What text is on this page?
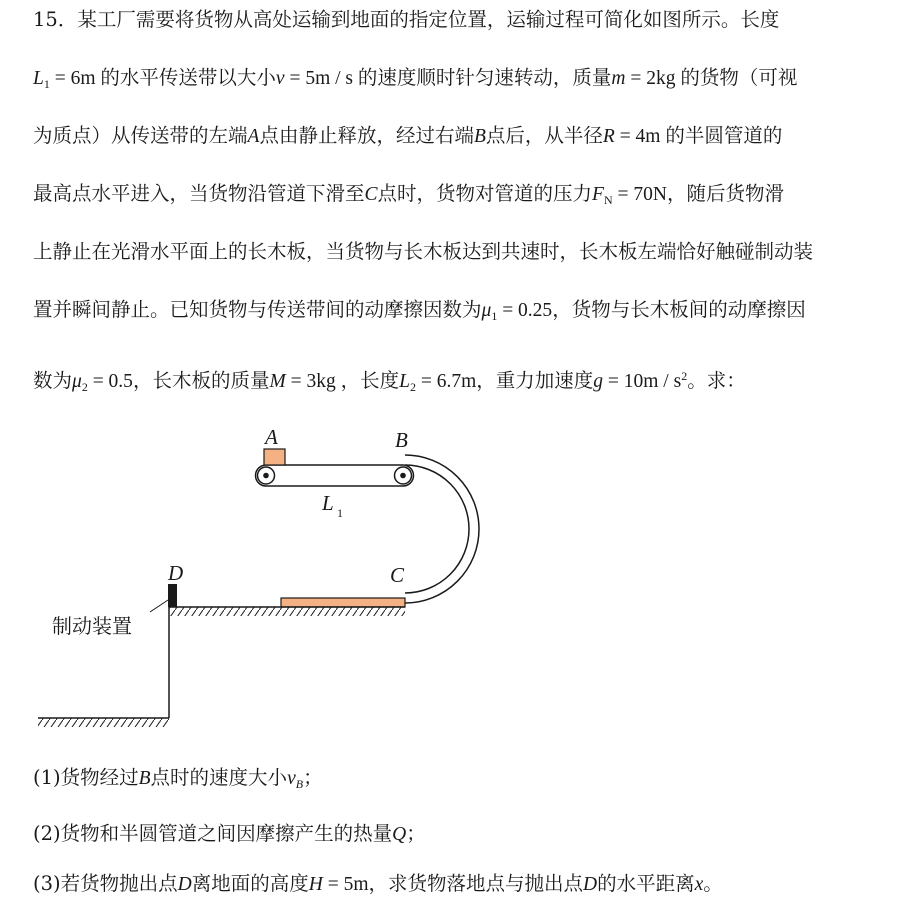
15．某工厂需要将货物从高处运输到地面的指定位置，运输过程可简化如图所示。长度
$L_1 = 6m$ 的水平传送带以大小v = 5m / s 的速度顺时针匀速转动，质量m = 2kg 的货物（可视
为质点）从传送带的左端A点由静止释放，经过右端B点后，从半径R = 4m 的半圆管道的
最高点水平进入，当货物沿管道下滑至C点时，货物对管道的压力$F_N = 70N$，随后货物滑
上静止在光滑水平面上的长木板，当货物与长木板达到共速时，长木板左端恰好触碰制动装
置并瞬间静止。已知货物与传送带间的动摩擦因数为$\mu_1 = 0.25$，货物与长木板间的动摩擦因
数为$\mu_2 = 0.5$，长木板的质量M = 3kg ，长度$L_2 = 6.7m$，重力加速度$g = 10m / s^2$。求：
A	B
L 1
C
D
制动装置
(1)货物经过B点时的速度大小$v_B$；
(2)货物和半圆管道之间因摩擦产生的热量Q；
(3)若货物抛出点D离地面的高度H = 5m，求货物落地点与抛出点D的水平距离x。
